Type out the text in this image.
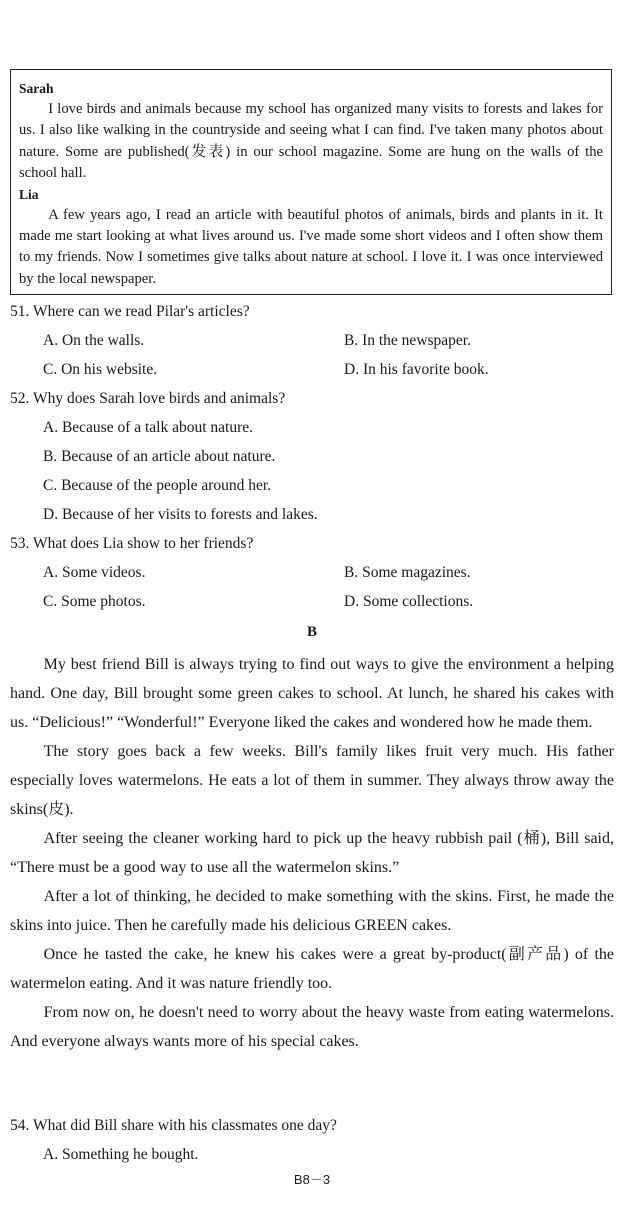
Sarah

I love birds and animals because my school has organized many visits to forests and lakes for us. I also like walking in the countryside and seeing what I can find. I've taken many photos about nature. Some are published(发表) in our school magazine. Some are hung on the walls of the school hall.

Lia

A few years ago, I read an article with beautiful photos of animals, birds and plants in it. It made me start looking at what lives around us. I've made some short videos and I often show them to my friends. Now I sometimes give talks about nature at school. I love it. I was once interviewed by the local newspaper.

51. Where can we read Pilar's articles?
A. On the walls.	B. In the newspaper.
C. On his website.	D. In his favorite book.
52. Why does Sarah love birds and animals?
A. Because of a talk about nature.
B. Because of an article about nature.
C. Because of the people around her.
D. Because of her visits to forests and lakes.
53. What does Lia show to her friends?
A. Some videos.	B. Some magazines.
C. Some photos.	D. Some collections.
B

My best friend Bill is always trying to find out ways to give the environment a helping hand. One day, Bill brought some green cakes to school. At lunch, he shared his cakes with us. “Delicious!” “Wonderful!” Everyone liked the cakes and wondered how he made them.

The story goes back a few weeks. Bill's family likes fruit very much. His father especially loves watermelons. He eats a lot of them in summer. They always throw away the skins(皮).

After seeing the cleaner working hard to pick up the heavy rubbish pail (桶), Bill said, “There must be a good way to use all the watermelon skins.”

After a lot of thinking, he decided to make something with the skins. First, he made the skins into juice. Then he carefully made his delicious GREEN cakes.

Once he tasted the cake, he knew his cakes were a great by-product(副产品) of the watermelon eating. And it was nature friendly too.

From now on, he doesn't need to worry about the heavy waste from eating watermelons. And everyone always wants more of his special cakes.

54. What did Bill share with his classmates one day?
A. Something he bought.
B8－3
